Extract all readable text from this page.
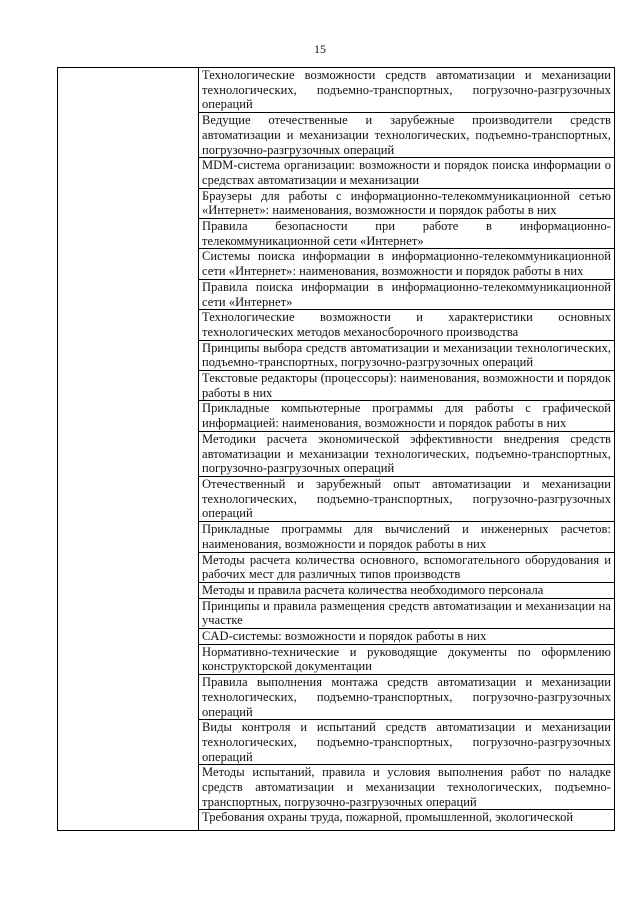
15
	Технологические возможности средств автоматизации и механизации технологических, подъемно-транспортных, погрузочно-разгрузочных операций
Ведущие отечественные и зарубежные производители средств автоматизации и механизации технологических, подъемно-транспортных, погрузочно-разгрузочных операций
MDM-система организации: возможности и порядок поиска информации о средствах автоматизации и механизации
Браузеры для работы с информационно-телекоммуникационной сетью «Интернет»: наименования, возможности и порядок работы в них
Правила безопасности при работе в информационно-телекоммуникационной сети «Интернет»
Системы поиска информации в информационно-телекоммуникационной сети «Интернет»: наименования, возможности и порядок работы в них
Правила поиска информации в информационно-телекоммуникационной сети «Интернет»
Технологические возможности и характеристики основных технологических методов механосборочного производства
Принципы выбора средств автоматизации и механизации технологических, подъемно-транспортных, погрузочно-разгрузочных операций
Текстовые редакторы (процессоры): наименования, возможности и порядок работы в них
Прикладные компьютерные программы для работы с графической информацией: наименования, возможности и порядок работы в них
Методики расчета экономической эффективности внедрения средств автоматизации и механизации технологических, подъемно-транспортных, погрузочно-разгрузочных операций
Отечественный и зарубежный опыт автоматизации и механизации технологических, подъемно-транспортных, погрузочно-разгрузочных операций
Прикладные программы для вычислений и инженерных расчетов: наименования, возможности и порядок работы в них
Методы расчета количества основного, вспомогательного оборудования и рабочих мест для различных типов производств
Методы и правила расчета количества необходимого персонала
Принципы и правила размещения средств автоматизации и механизации на участке
CAD-системы: возможности и порядок работы в них
Нормативно-технические и руководящие документы по оформлению конструкторской документации
Правила выполнения монтажа средств автоматизации и механизации технологических, подъемно-транспортных, погрузочно-разгрузочных операций
Виды контроля и испытаний средств автоматизации и механизации технологических, подъемно-транспортных, погрузочно-разгрузочных операций
Методы испытаний, правила и условия выполнения работ по наладке средств автоматизации и механизации технологических, подъемно-транспортных, погрузочно-разгрузочных операций
Требования охраны труда, пожарной, промышленной, экологической
